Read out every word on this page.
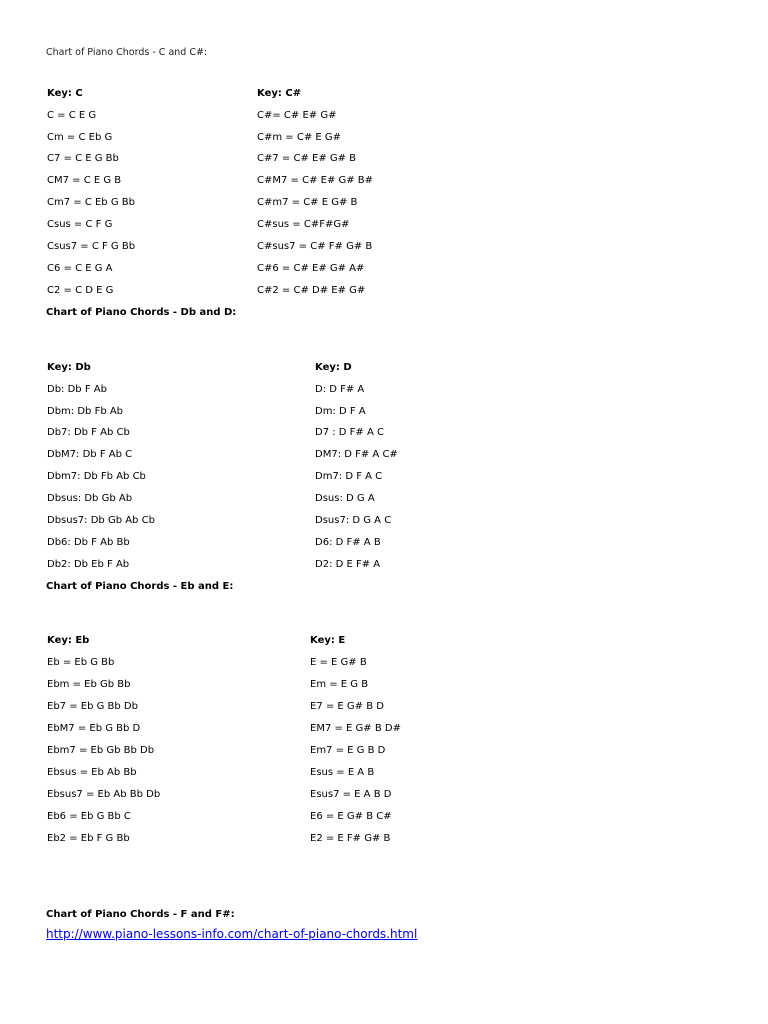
Chart of Piano Chords - C and C#:
Key: C
C = C E G
Cm = C Eb G
C7 = C E G Bb
CM7 = C E G B
Cm7 = C Eb G Bb
Csus = C F G
Csus7 = C F G Bb
C6 = C E G A
C2 = C D E G
Key: C#
C#= C# E# G#
C#m = C# E G#
C#7 = C# E# G# B
C#M7 = C# E# G# B#
C#m7 = C# E G# B
C#sus = C#F#G#
C#sus7 = C# F# G# B
C#6 = C# E# G# A#
C#2 = C# D# E# G#
Chart of Piano Chords - Db and D:
Key: Db
Db: Db F Ab
Dbm: Db Fb Ab
Db7: Db F Ab Cb
DbM7: Db F Ab C
Dbm7: Db Fb Ab Cb
Dbsus: Db Gb Ab
Dbsus7: Db Gb Ab Cb
Db6: Db F Ab Bb
Db2: Db Eb F Ab
Key: D
D: D F# A
Dm: D F A
D7 : D F# A C
DM7: D F# A C#
Dm7: D F A C
Dsus: D G A
Dsus7: D G A C
D6: D F# A B
D2: D E F# A
Chart of Piano Chords - Eb and E:
Key: Eb
Eb = Eb G Bb
Ebm = Eb Gb Bb
Eb7 = Eb G Bb Db
EbM7 = Eb G Bb D
Ebm7 = Eb Gb Bb Db
Ebsus = Eb Ab Bb
Ebsus7 = Eb Ab Bb Db
Eb6 = Eb G Bb C
Eb2 = Eb F G Bb
Key: E
E = E G# B
Em = E G B
E7 = E G# B D
EM7 = E G# B D#
Em7 = E G B D
Esus = E A B
Esus7 = E A B D
E6 = E G# B C#
E2 = E F# G# B
Chart of Piano Chords - F and F#:
http://www.piano-lessons-info.com/chart-of-piano-chords.html
